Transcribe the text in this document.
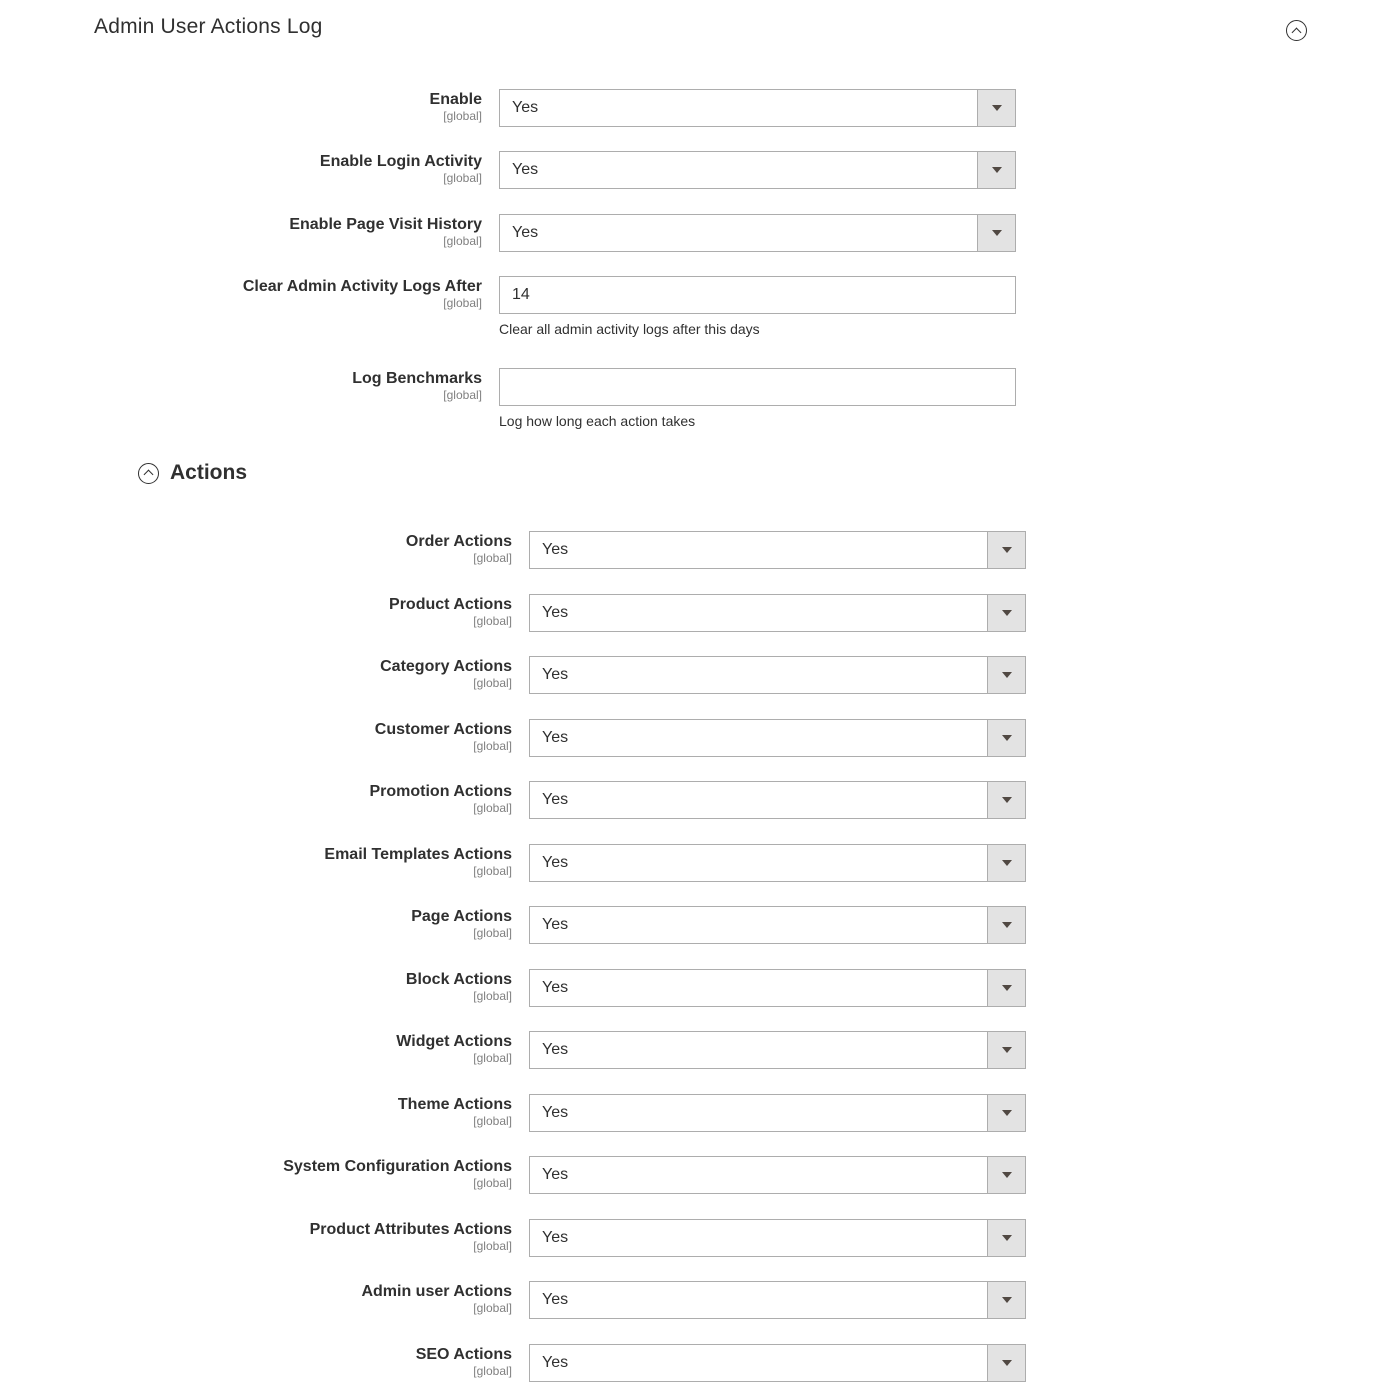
Admin User Actions Log
Enable
[global] Yes
Enable Login Activity
[global] Yes
Enable Page Visit History
[global] Yes
Clear Admin Activity Logs After
[global]	14
Clear all admin activity logs after this days
Log Benchmarks
[global]
Log how long each action takes
Actions
Order Actions
[global] Yes
Product Actions
[global] Yes
Category Actions
[global] Yes
Customer Actions
[global] Yes
Promotion Actions
[global] Yes
Email Templates Actions
[global] Yes
Page Actions
[global] Yes
Block Actions
[global] Yes
Widget Actions
[global] Yes
Theme Actions
[global] Yes
System Configuration Actions
[global] Yes
Product Attributes Actions
[global] Yes
Admin user Actions
[global] Yes
SEO Actions
[global] Yes
